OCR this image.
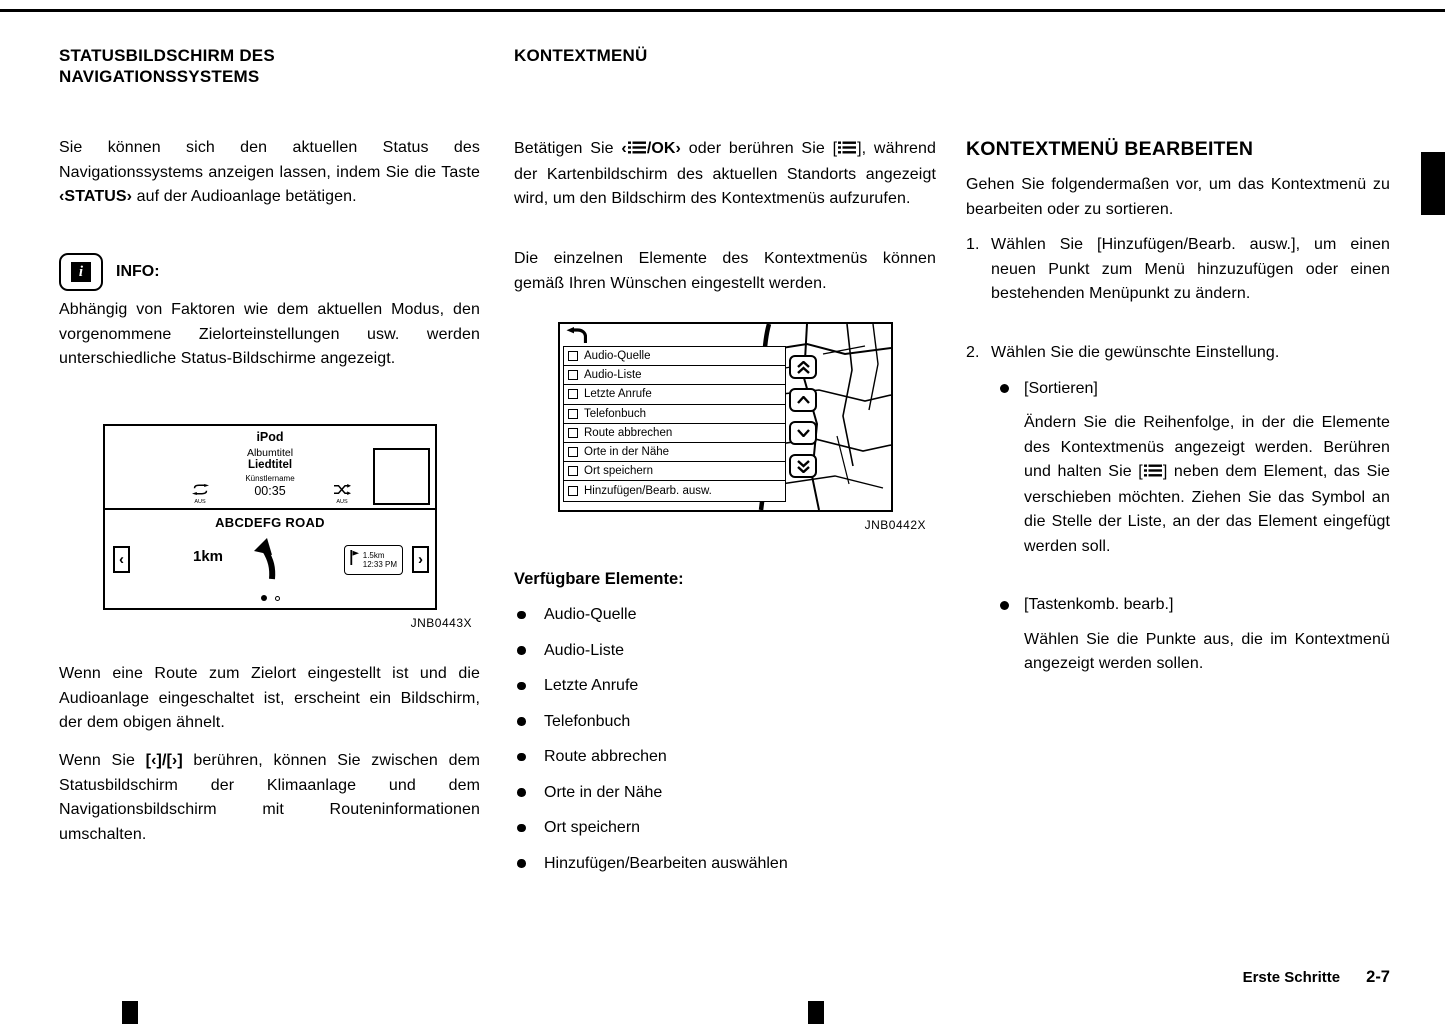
STATUSBILDSCHIRM DES
NAVIGATIONSSYSTEMS

Sie können sich den aktuellen Status des Navigationssystems anzeigen lassen, indem Sie die Taste ‹STATUS› auf der Audioanlage betätigen.

i	INFO:

Abhängig von Faktoren wie dem aktuellen Modus, den vorgenommene Zielorteinstellungen usw. werden unterschiedliche Status-Bildschirme angezeigt.

iPod
Albumtitel
Liedtitel
Künstlername
00:35
AUS	AUS
ABCDEFG ROAD
‹	1km	1.5km
12:33 PM	›
JNB0443X

Wenn eine Route zum Zielort eingestellt ist und die Audioanlage eingeschaltet ist, erscheint ein Bildschirm, der dem obigen ähnelt.

Wenn Sie [‹]/[›] berühren, können Sie zwischen dem Statusbildschirm der Klimaanlage und dem Navigationsbildschirm mit Routeninformationen umschalten.

KONTEXTMENÜ

Betätigen Sie ‹ /OK› oder berühren Sie [ ], während der Kartenbildschirm des aktuellen Standorts angezeigt wird, um den Bildschirm des Kontextmenüs aufzurufen.

Die einzelnen Elemente des Kontextmenüs können gemäß Ihren Wünschen eingestellt werden.

Audio-Quelle
Audio-Liste
Letzte Anrufe
Telefonbuch
Route abbrechen
Orte in der Nähe
Ort speichern
Hinzufügen/Bearb. ausw.
JNB0442X
Verfügbare Elemente:
Audio-Quelle
Audio-Liste
Letzte Anrufe
Telefonbuch
Route abbrechen
Orte in der Nähe
Ort speichern
Hinzufügen/Bearbeiten auswählen
KONTEXTMENÜ BEARBEITEN

Gehen Sie folgendermaßen vor, um das Kontextmenü zu bearbeiten oder zu sortieren.

1. Wählen Sie [Hinzufügen/Bearb. ausw.], um einen neuen Punkt zum Menü hinzuzufügen oder einen bestehenden Menüpunkt zu ändern.
2. Wählen Sie die gewünschte Einstellung.
[Sortieren]

Ändern Sie die Reihenfolge, in der die Elemente des Kontextmenüs angezeigt werden. Berühren und halten Sie [ ] neben dem Element, das Sie verschieben möchten. Ziehen Sie das Symbol an die Stelle der Liste, an der das Element eingefügt werden soll.

[Tastenkomb. bearb.]

Wählen Sie die Punkte aus, die im Kontextmenü angezeigt werden sollen.

Erste Schritte 2-7
